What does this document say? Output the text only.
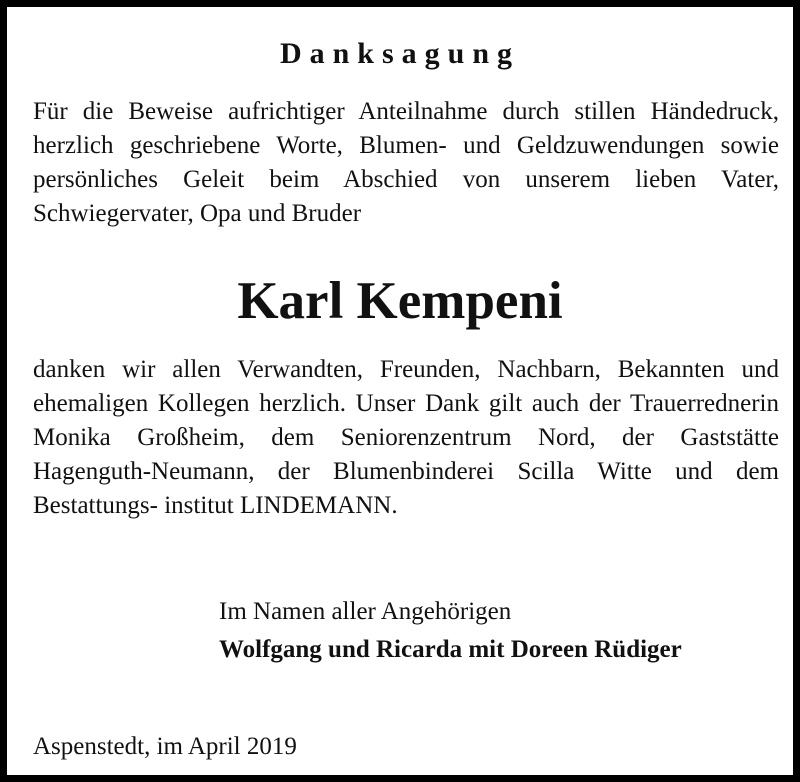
Danksagung
Für die Beweise aufrichtiger Anteilnahme durch stillen Händedruck, herzlich geschriebene Worte, Blumen- und Geldzuwendungen sowie persönliches Geleit beim Abschied von unserem lieben Vater, Schwiegervater, Opa und Bruder
Karl Kempeni
danken wir allen Verwandten, Freunden, Nachbarn, Bekannten und ehemaligen Kollegen herzlich. Unser Dank gilt auch der Trauerrednerin Monika Großheim, dem Seniorenzentrum Nord, der Gaststätte Hagenguth-Neumann, der Blumenbinderei Scilla Witte und dem Bestattungs- institut LINDEMANN.
Im Namen aller Angehörigen
Wolfgang und Ricarda mit Doreen Rüdiger
Aspenstedt, im April 2019
